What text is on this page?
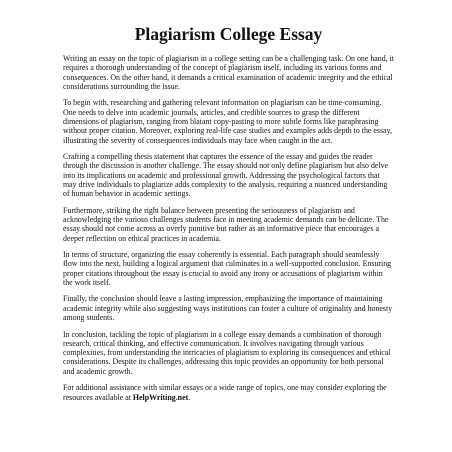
Plagiarism College Essay

Writing an essay on the topic of plagiarism in a college setting can be a challenging task. On one hand, it requires a thorough understanding of the concept of plagiarism itself, including its various forms and consequences. On the other hand, it demands a critical examination of academic integrity and the ethical considerations surrounding the issue.

To begin with, researching and gathering relevant information on plagiarism can be time-consuming. One needs to delve into academic journals, articles, and credible sources to grasp the different dimensions of plagiarism, ranging from blatant copy-pasting to more subtle forms like paraphrasing without proper citation. Moreover, exploring real-life case studies and examples adds depth to the essay, illustrating the severity of consequences individuals may face when caught in the act.

Crafting a compelling thesis statement that captures the essence of the essay and guides the reader through the discussion is another challenge. The essay should not only define plagiarism but also delve into its implications on academic and professional growth. Addressing the psychological factors that may drive individuals to plagiarize adds complexity to the analysis, requiring a nuanced understanding of human behavior in academic settings.

Furthermore, striking the right balance between presenting the seriousness of plagiarism and acknowledging the various challenges students face in meeting academic demands can be delicate. The essay should not come across as overly punitive but rather as an informative piece that encourages a deeper reflection on ethical practices in academia.

In terms of structure, organizing the essay coherently is essential. Each paragraph should seamlessly flow into the next, building a logical argument that culminates in a well-supported conclusion. Ensuring proper citations throughout the essay is crucial to avoid any irony or accusations of plagiarism within the work itself.

Finally, the conclusion should leave a lasting impression, emphasizing the importance of maintaining academic integrity while also suggesting ways institutions can foster a culture of originality and honesty among students.

In conclusion, tackling the topic of plagiarism in a college essay demands a combination of thorough research, critical thinking, and effective communication. It involves navigating through various complexities, from understanding the intricacies of plagiarism to exploring its consequences and ethical considerations. Despite its challenges, addressing this topic provides an opportunity for both personal and academic growth.

For additional assistance with similar essays or a wide range of topics, one may consider exploring the resources available at HelpWriting.net.
